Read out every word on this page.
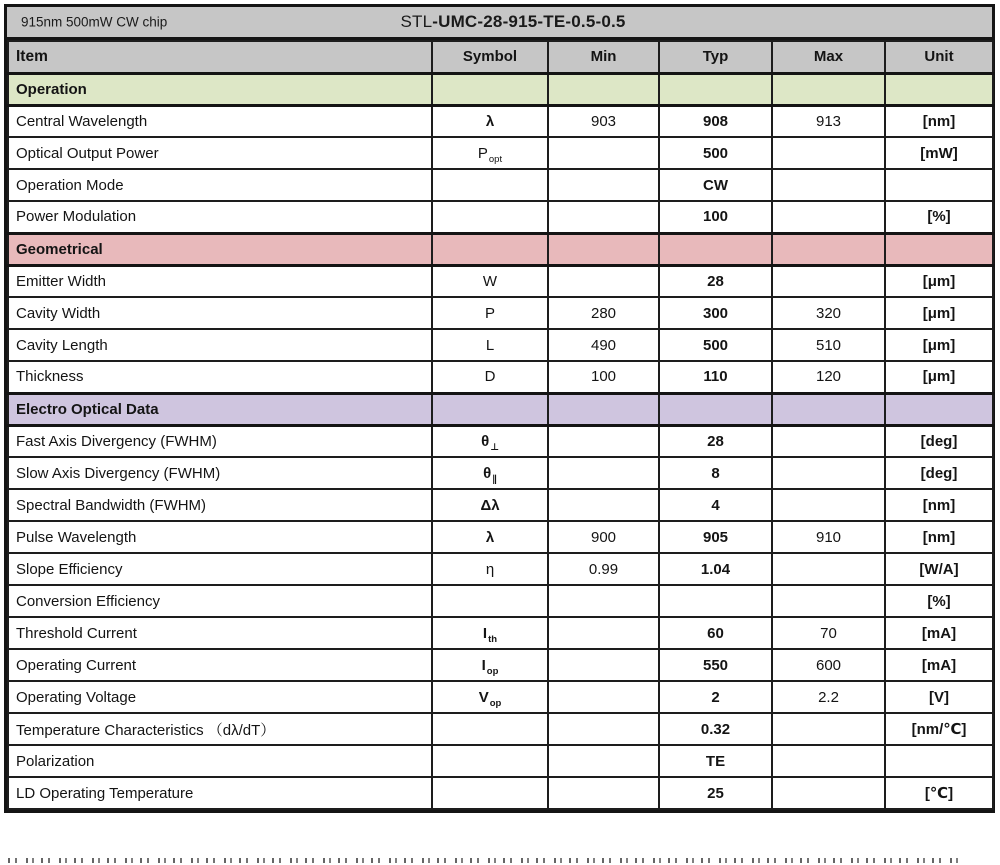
915nm 500mW CW chip	STL-UMC-28-915-TE-0.5-0.5
Item	Symbol	Min	Typ	Max	Unit
Operation					
Central Wavelength	λ	903	908	913	[nm]
Optical Output Power	$P_{opt}$		500		[mW]
Operation Mode			CW		
Power Modulation			100		[%]
Geometrical					
Emitter Width	W		28		[μm]
Cavity Width	P	280	300	320	[μm]
Cavity Length	L	490	500	510	[μm]
Thickness	D	100	110	120	[μm]
Electro Optical Data					
Fast Axis Divergency (FWHM)	$\theta_\perp$		28		[deg]
Slow Axis Divergency (FWHM)	$\theta_\parallel$		8		[deg]
Spectral Bandwidth (FWHM)	Δλ		4		[nm]
Pulse Wavelength	λ	900	905	910	[nm]
Slope Efficiency	η	0.99	1.04		[W/A]
Conversion Efficiency					[%]
Threshold Current	$I_{th}$		60	70	[mA]
Operating Current	$I_{op}$		550	600	[mA]
Operating Voltage	$V_{op}$		2	2.2	[V]
Temperature Characteristics （dλ/dT）			0.32		[nm/℃]
Polarization			TE		
LD Operating Temperature			25		[℃]
